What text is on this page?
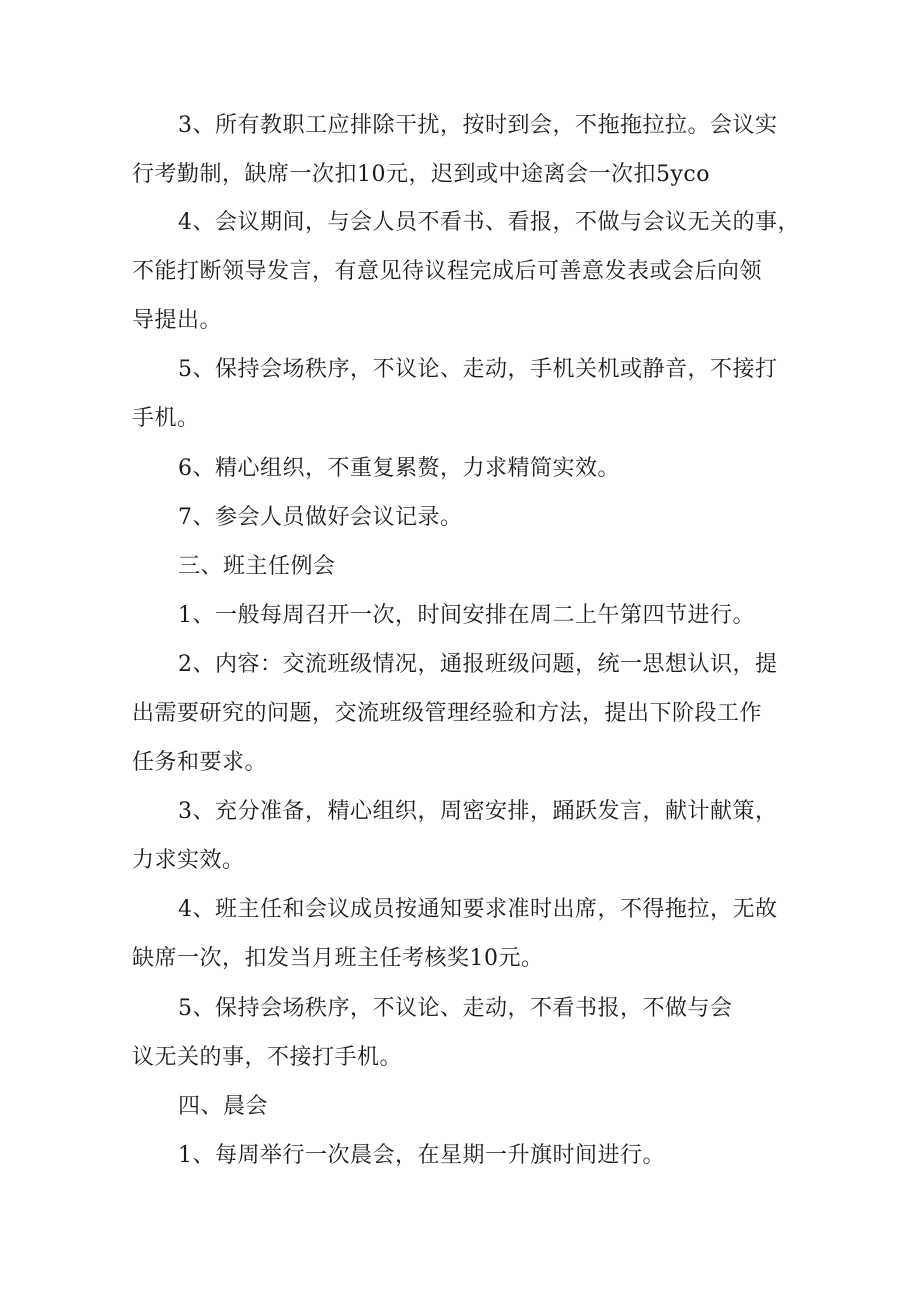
3、所有教职工应排除干扰，按时到会，不拖拖拉拉。会议实
行考勤制，缺席一次扣10元，迟到或中途离会一次扣5yco
4、会议期间，与会人员不看书、看报，不做与会议无关的事，
不能打断领导发言，有意见待议程完成后可善意发表或会后向领
导提出。
5、保持会场秩序，不议论、走动，手机关机或静音，不接打
手机。
6、精心组织，不重复累赘，力求精简实效。
7、参会人员做好会议记录。
三、班主任例会
1、一般每周召开一次，时间安排在周二上午第四节进行。
2、内容：交流班级情况，通报班级问题，统一思想认识，提
出需要研究的问题，交流班级管理经验和方法，提出下阶段工作
任务和要求。
3、充分准备，精心组织，周密安排，踊跃发言，献计献策，
力求实效。
4、班主任和会议成员按通知要求准时出席，不得拖拉，无故
缺席一次，扣发当月班主任考核奖10元。
5、保持会场秩序，不议论、走动，不看书报，不做与会
议无关的事，不接打手机。
四、晨会
1、每周举行一次晨会，在星期一升旗时间进行。
